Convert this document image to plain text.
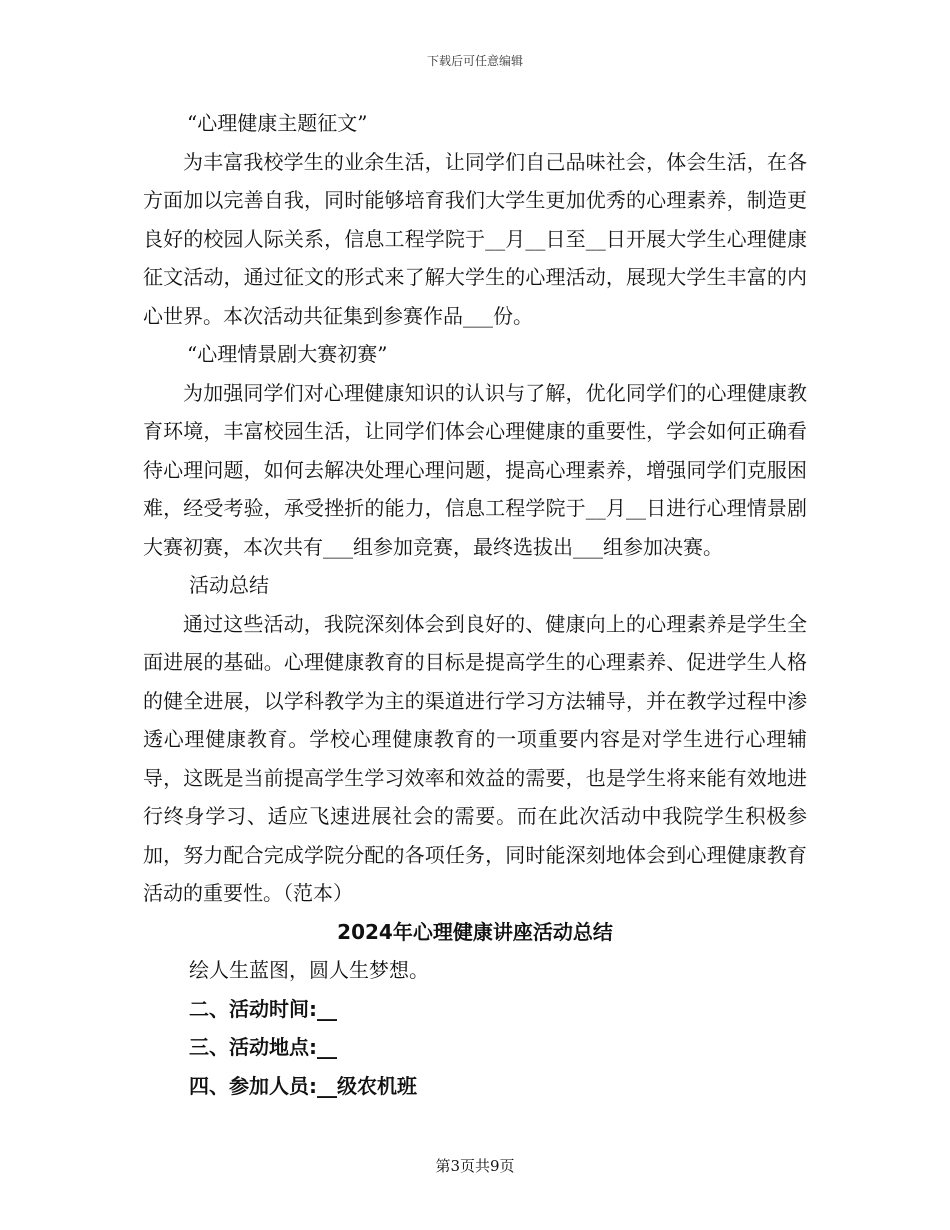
下载后可任意编辑

“心理健康主题征文”

为丰富我校学生的业余生活，让同学们自己品味社会，体会生活，在各方面加以完善自我，同时能够培育我们大学生更加优秀的心理素养，制造更良好的校园人际关系，信息工程学院于__月__日至__日开展大学生心理健康征文活动，通过征文的形式来了解大学生的心理活动，展现大学生丰富的内心世界。本次活动共征集到参赛作品___份。

“心理情景剧大赛初赛”

为加强同学们对心理健康知识的认识与了解，优化同学们的心理健康教育环境，丰富校园生活，让同学们体会心理健康的重要性，学会如何正确看待心理问题，如何去解决处理心理问题，提高心理素养，增强同学们克服困难，经受考验，承受挫折的能力，信息工程学院于__月__日进行心理情景剧大赛初赛，本次共有___组参加竞赛，最终选拔出___组参加决赛。

活动总结

通过这些活动，我院深刻体会到良好的、健康向上的心理素养是学生全面进展的基础。心理健康教育的目标是提高学生的心理素养、促进学生人格的健全进展，以学科教学为主的渠道进行学习方法辅导，并在教学过程中渗透心理健康教育。学校心理健康教育的一项重要内容是对学生进行心理辅导，这既是当前提高学生学习效率和效益的需要，也是学生将来能有效地进行终身学习、适应飞速进展社会的需要。而在此次活动中我院学生积极参加，努力配合完成学院分配的各项任务，同时能深刻地体会到心理健康教育活动的重要性。（范本）

2024年心理健康讲座活动总结

绘人生蓝图，圆人生梦想。

二、活动时间:__

三、活动地点:__

四、参加人员:__级农机班

第3页共9页
